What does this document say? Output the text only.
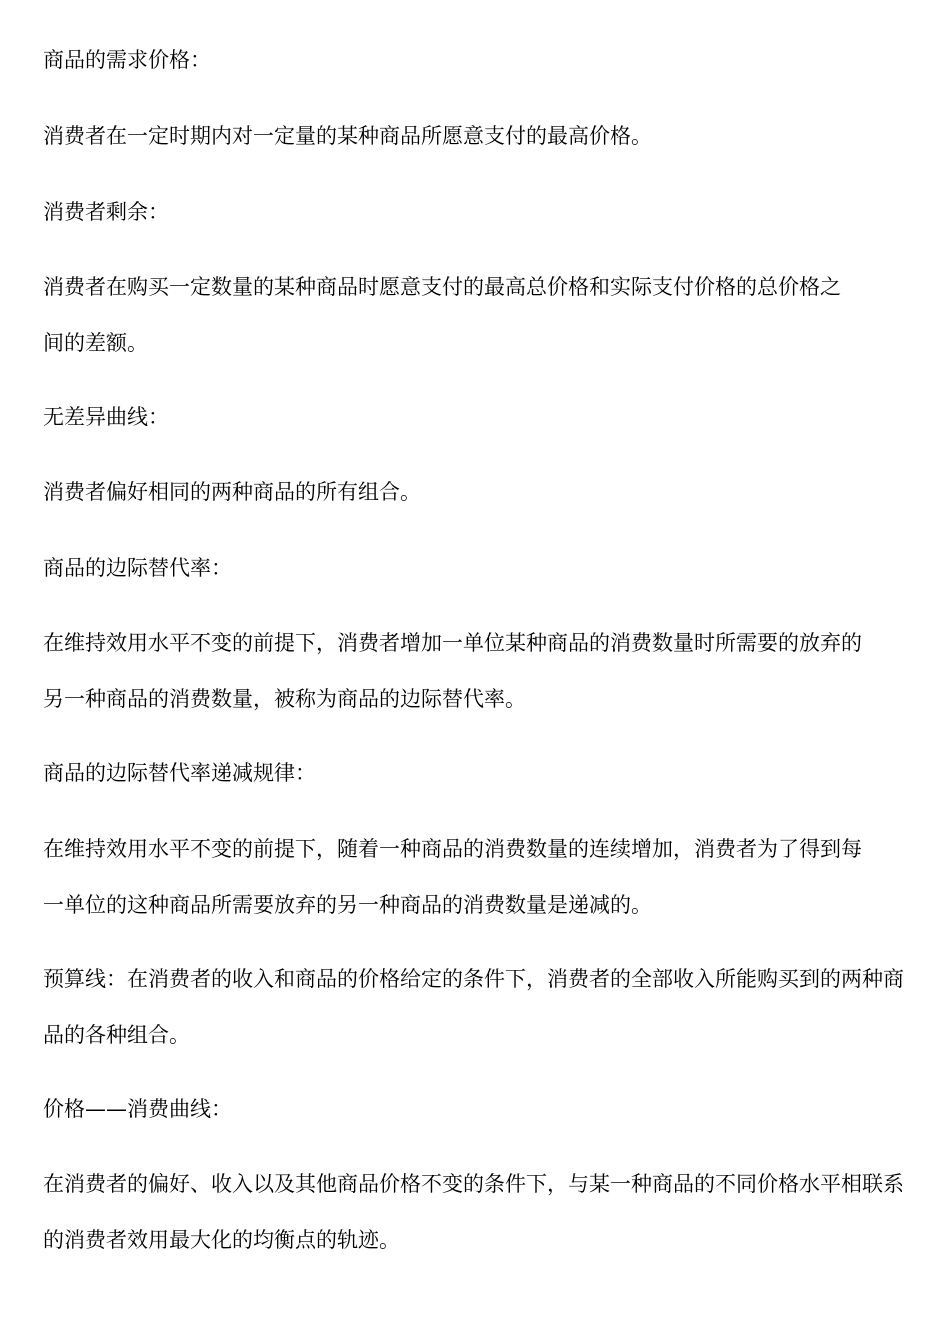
商品的需求价格：

消费者在一定时期内对一定量的某种商品所愿意支付的最高价格。

消费者剩余：

消费者在购买一定数量的某种商品时愿意支付的最高总价格和实际支付价格的总价格之间的差额。

无差异曲线：

消费者偏好相同的两种商品的所有组合。

商品的边际替代率：

在维持效用水平不变的前提下，消费者增加一单位某种商品的消费数量时所需要的放弃的另一种商品的消费数量，被称为商品的边际替代率。

商品的边际替代率递减规律：

在维持效用水平不变的前提下，随着一种商品的消费数量的连续增加，消费者为了得到每一单位的这种商品所需要放弃的另一种商品的消费数量是递减的。

预算线：在消费者的收入和商品的价格给定的条件下，消费者的全部收入所能购买到的两种商品的各种组合。

价格——消费曲线：

在消费者的偏好、收入以及其他商品价格不变的条件下，与某一种商品的不同价格水平相联系的消费者效用最大化的均衡点的轨迹。
